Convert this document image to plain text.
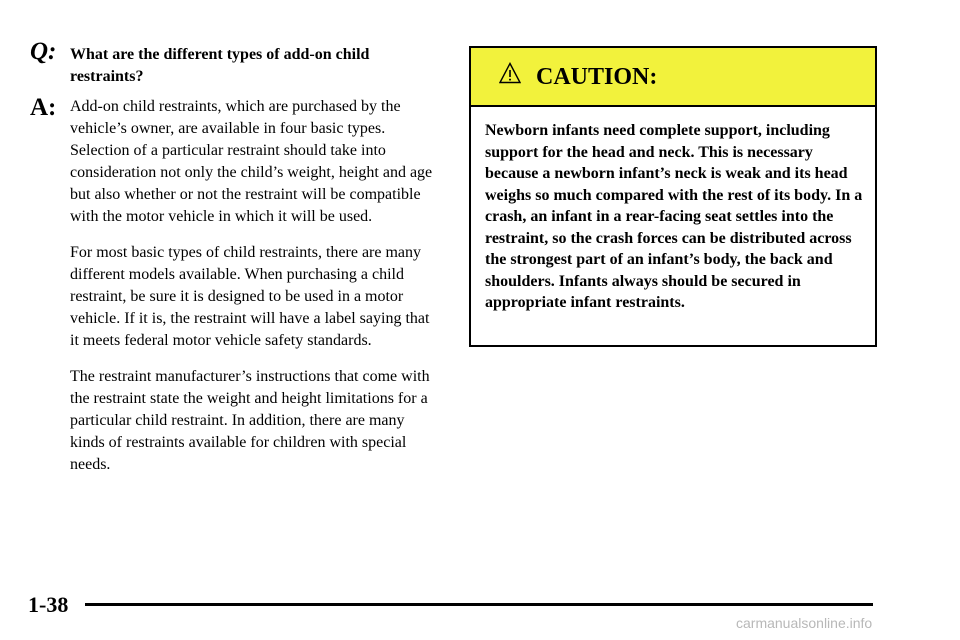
Q: What are the different types of add-on child restraints?
A: Add-on child restraints, which are purchased by the vehicle’s owner, are available in four basic types. Selection of a particular restraint should take into consideration not only the child’s weight, height and age but also whether or not the restraint will be compatible with the motor vehicle in which it will be used.

For most basic types of child restraints, there are many different models available. When purchasing a child restraint, be sure it is designed to be used in a motor vehicle. If it is, the restraint will have a label saying that it meets federal motor vehicle safety standards.

The restraint manufacturer’s instructions that come with the restraint state the weight and height limitations for a particular child restraint. In addition, there are many kinds of restraints available for children with special needs.

CAUTION:
Newborn infants need complete support, including support for the head and neck. This is necessary because a newborn infant’s neck is weak and its head weighs so much compared with the rest of its body. In a crash, an infant in a rear-facing seat settles into the restraint, so the crash forces can be distributed across the strongest part of an infant’s body, the back and shoulders. Infants always should be secured in appropriate infant restraints.
1-38
carmanualsonline.info
